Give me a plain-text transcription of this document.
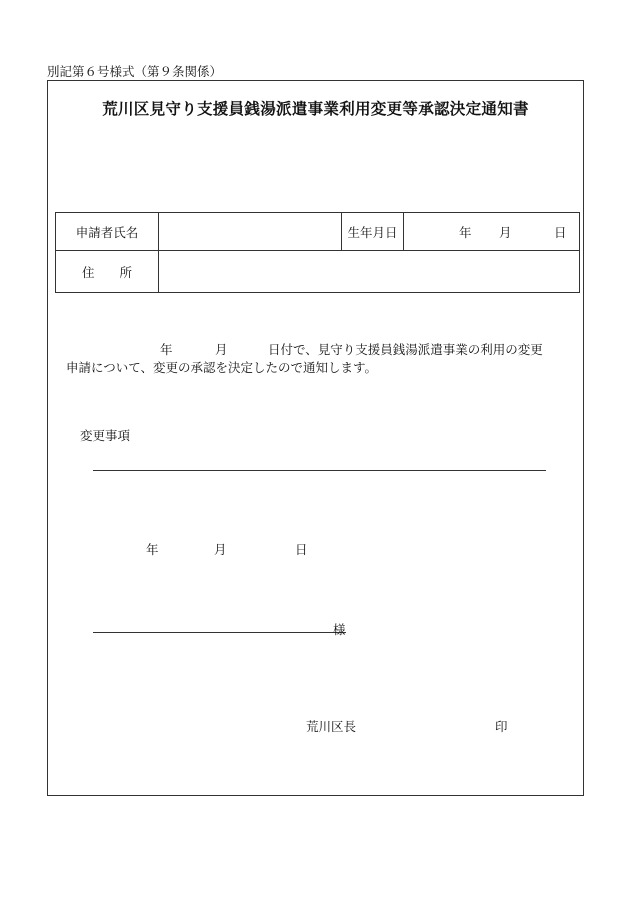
別記第６号様式（第９条関係）
荒川区見守り支援員銭湯派遣事業利用変更等承認決定通知書
申請者氏名		生年月日	年 月 日

住　　所			
年	月	日付で、見守り支援員銭湯派遣事業の利用の変更
申請について、変更の承認を決定したので通知します。
変更事項
年	月	日
様
荒川区長	印
